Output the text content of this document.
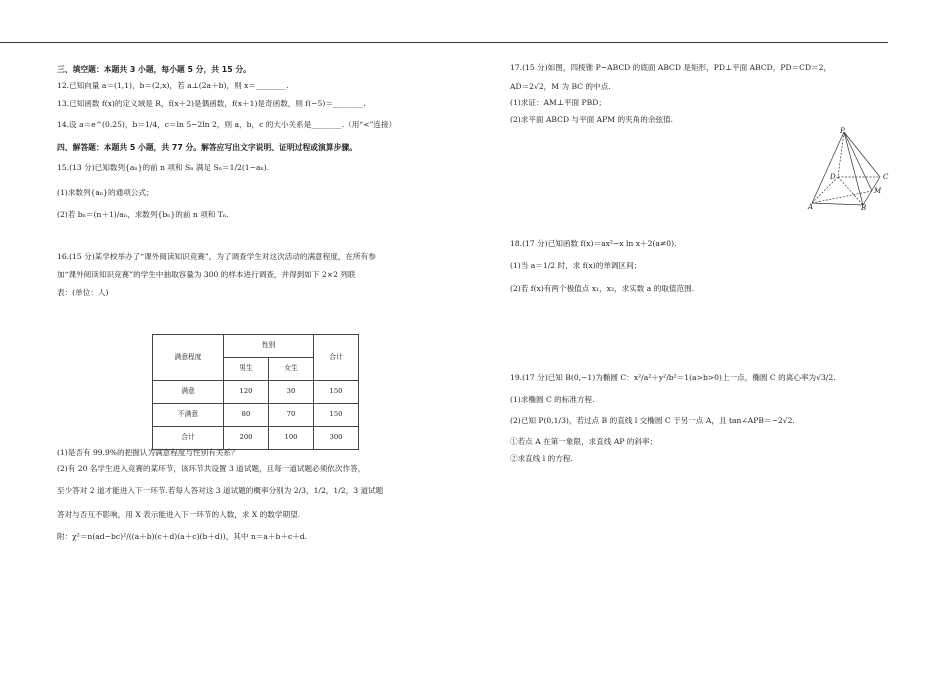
三、填空题：本题共 3 小题，每小题 5 分，共 15 分。
12.已知向量 a＝(1,1)，b＝(2,x)，若 a⊥(2a＋b)，则 x＝________.
13.已知函数 f(x)的定义域是 R，f(x＋2)是偶函数，f(x＋1)是奇函数，则 f(−5)＝________.
14.设 a＝e^(0.25)，b＝1/4，c＝ln 5−2ln 2，则 a，b，c 的大小关系是________.（用“<”连接）
四、解答题：本题共 5 小题，共 77 分。解答应写出文字说明、证明过程或演算步骤。
15.(13 分)已知数列{aₙ}的前 n 项和 Sₙ 满足 Sₙ＝1/2(1−aₙ).
(1)求数列{aₙ}的通项公式；
(2)若 bₙ＝(n＋1)/aₙ，求数列{bₙ}的前 n 项和 Tₙ.
16.(15 分)某学校举办了“课外阅读知识竞赛”，为了调查学生对这次活动的满意程度，在所有参
加“课外阅读知识竞赛”的学生中抽取容量为 300 的样本进行调查，并得到如下 2×2 列联
表：(单位：人)
(1)是否有 99.9%的把握认为满意程度与性别有关系？
(2)有 20 名学生进入竞赛的某环节，该环节共设置 3 道试题，且每一道试题必须依次作答，
至少答对 2 道才能进入下一环节.若每人答对这 3 道试题的概率分别为 2/3，1/2，1/2，3 道试题
答对与否互不影响，用 X 表示能进入下一环节的人数，求 X 的数学期望.
附：χ²＝n(ad−bc)²/((a＋b)(c＋d)(a＋c)(b＋d))，其中 n＝a＋b＋c＋d.
满意程度	性别		合计
	男生	女生	
满意	120	30	150
不满意	80	70	150
合计	200	100	300
17.(15 分)如图，四棱锥 P−ABCD 的底面 ABCD 是矩形，PD⊥平面 ABCD，PD＝CD＝2，
AD＝2√2，M 为 BC 的中点.
(1)求证：AM⊥平面 PBD；
(2)求平面 ABCD 与平面 APM 的夹角的余弦值.
P
D	C
M
A	B
18.(17 分)已知函数 f(x)＝ax²−x ln x＋2(a≠0).
(1)当 a＝1/2 时，求 f(x)的单调区间；
(2)若 f(x)有两个极值点 x₁，x₂，求实数 a 的取值范围.
19.(17 分)已知 B(0,−1)为椭圆 C：x²/a²＋y²/b²＝1(a>b>0)上一点，椭圆 C 的离心率为√3/2.
(1)求椭圆 C 的标准方程.
(2)已知 P(0,1/3)，若过点 B 的直线 l 交椭圆 C 于另一点 A，且 tan∠APB＝−2√2.
①若点 A 在第一象限，求直线 AP 的斜率；
②求直线 l 的方程.
